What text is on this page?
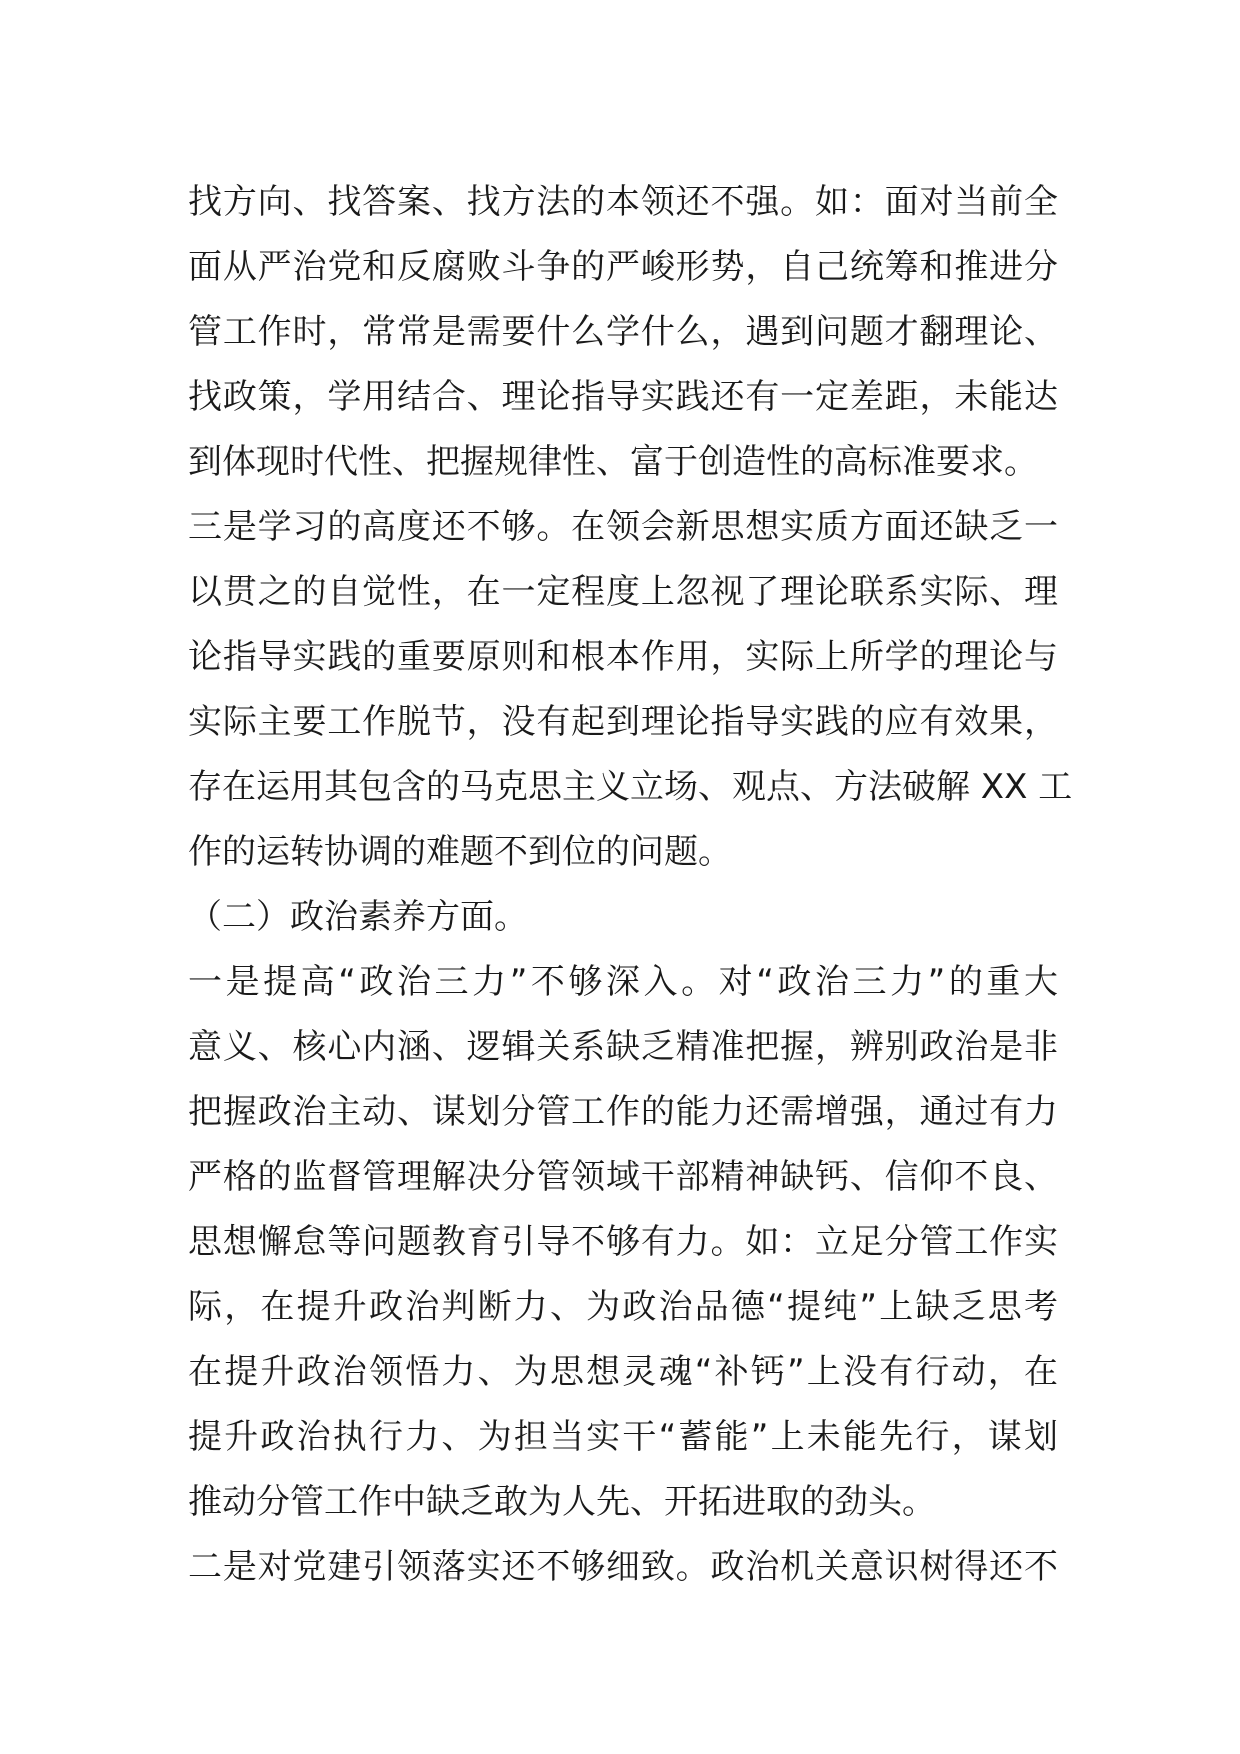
找方向、找答案、找方法的本领还不强。如：面对当前全
面从严治党和反腐败斗争的严峻形势，自己统筹和推进分
管工作时，常常是需要什么学什么，遇到问题才翻理论、
找政策，学用结合、理论指导实践还有一定差距，未能达
到体现时代性、把握规律性、富于创造性的高标准要求。
三是学习的高度还不够。在领会新思想实质方面还缺乏一
以贯之的自觉性，在一定程度上忽视了理论联系实际、理
论指导实践的重要原则和根本作用，实际上所学的理论与
实际主要工作脱节，没有起到理论指导实践的应有效果，
存在运用其包含的马克思主义立场、观点、方法破解 XX 工
作的运转协调的难题不到位的问题。
（二）政治素养方面。
一是提高“政治三力”不够深入。对“政治三力”的重大
意义、核心内涵、逻辑关系缺乏精准把握，辨别政治是非
把握政治主动、谋划分管工作的能力还需增强，通过有力
严格的监督管理解决分管领域干部精神缺钙、信仰不良、
思想懈怠等问题教育引导不够有力。如：立足分管工作实
际，在提升政治判断力、为政治品德“提纯”上缺乏思考
在提升政治领悟力、为思想灵魂“补钙”上没有行动，在
提升政治执行力、为担当实干“蓄能”上未能先行，谋划
推动分管工作中缺乏敢为人先、开拓进取的劲头。
二是对党建引领落实还不够细致。政治机关意识树得还不
